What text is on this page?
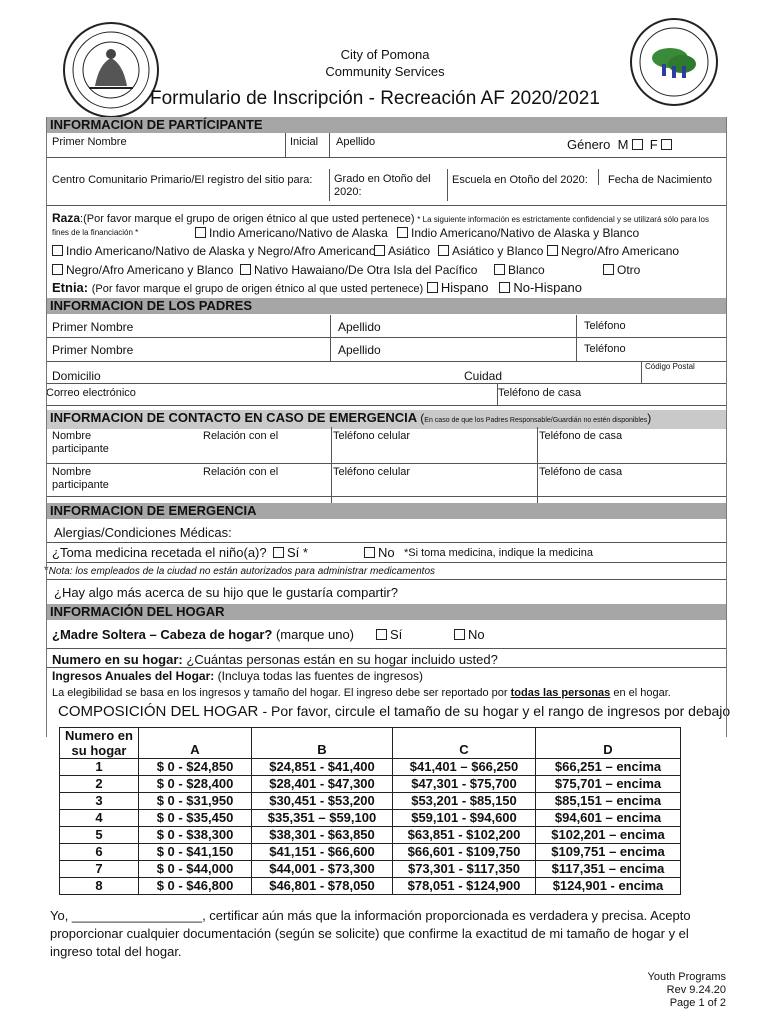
City of Pomona
Community Services
Formulario de Inscripción - Recreación AF 2020/2021
INFORMACION DE PARTÍCIPANTE
Primer Nombre	Inicial Apellido	Género M F
Centro Comunitario Primario/El registro del sitio para: Grado en Otoño del 2020:
Escuela en Otoño del 2020: Fecha de Nacimiento
Raza:(Por favor marque el grupo de origen étnico al que usted pertenece) * La siguiente información es estrictamente confidencial y se utilizará sólo para los fines de la financiación *	Indio Americano/Nativo de Alaska	Indio Americano/Nativo de Alaska y Blanco
Indio Americano/Nativo de Alaska y Negro/Afro Americano	Asiático	Asiático y Blanco	Negro/Afro Americano
Negro/Afro Americano y Blanco	Nativo Hawaiano/De Otra Isla del Pacífico	Blanco	Otro
Etnia: (Por favor marque el grupo de origen étnico al que usted pertenece) Hispano No-Hispano
INFORMACION DE LOS PADRES
Primer Nombre	Apellido	Teléfono
Primer Nombre	Apellido	Teléfono
Código Postal
Domicilio	Cuidad
Correo electrónico	Teléfono de casa
INFORMACION DE CONTACTO EN CASO DE EMERGENCIA (En caso de que los Padres Responsable/Guardián no estén disponibles)
Nombre participante
Relación con el	Teléfono celular	Teléfono de casa
Nombre participante
Relación con el	Teléfono celular	Teléfono de casa
INFORMACION DE EMERGENCIA
Alergias/Condiciones Médicas:
¿Toma medicina recetada el niño(a)?	Sí *	No *Si toma medicina, indique la medicina
*Nota: los empleados de la ciudad no están autorizados para administrar medicamentos
¿Hay algo más acerca de su hijo que le gustaría compartir?
INFORMACIÓN DEL HOGAR
¿Madre Soltera – Cabeza de hogar? (marque uno)	Sí	No
Numero en su hogar: ¿Cuántas personas están en su hogar incluido usted?
Ingresos Anuales del Hogar: (Incluya todas las fuentes de ingresos)
La elegibilidad se basa en los ingresos y tamaño del hogar. El ingreso debe ser reportado por todas las personas en el hogar.
COMPOSICIÓN DEL HOGAR - Por favor, circule el tamaño de su hogar y el rango de ingresos por debajo
Numero en
su hogar	A	B	C	D
1	$ 0 - $24,850	$24,851 - $41,400	$41,401 – $66,250	$66,251 – encima
2	$ 0 - $28,400	$28,401 - $47,300	$47,301 - $75,700	$75,701 – encima
3	$ 0 - $31,950	$30,451 - $53,200	$53,201 - $85,150	$85,151 – encima
4	$ 0 - $35,450	$35,351 – $59,100	$59,101 - $94,600	$94,601 – encima
5	$ 0 - $38,300	$38,301 - $63,850	$63,851 - $102,200	$102,201 – encima
6	$ 0 - $41,150	$41,151 - $66,600	$66,601 - $109,750	$109,751 – encima
7	$ 0 - $44,000	$44,001 - $73,300	$73,301 - $117,350	$117,351 – encima
8	$ 0 - $46,800	$46,801 - $78,050	$78,051 - $124,900	$124,901 - encima
Yo, __________________, certificar aún más que la información proporcionada es verdadera y precisa. Acepto proporcionar cualquier documentación (según se solicite) que confirme la exactitud de mi tamaño de hogar y el ingreso total del hogar.
Youth Programs
Rev 9.24.20
Page 1 of 2
